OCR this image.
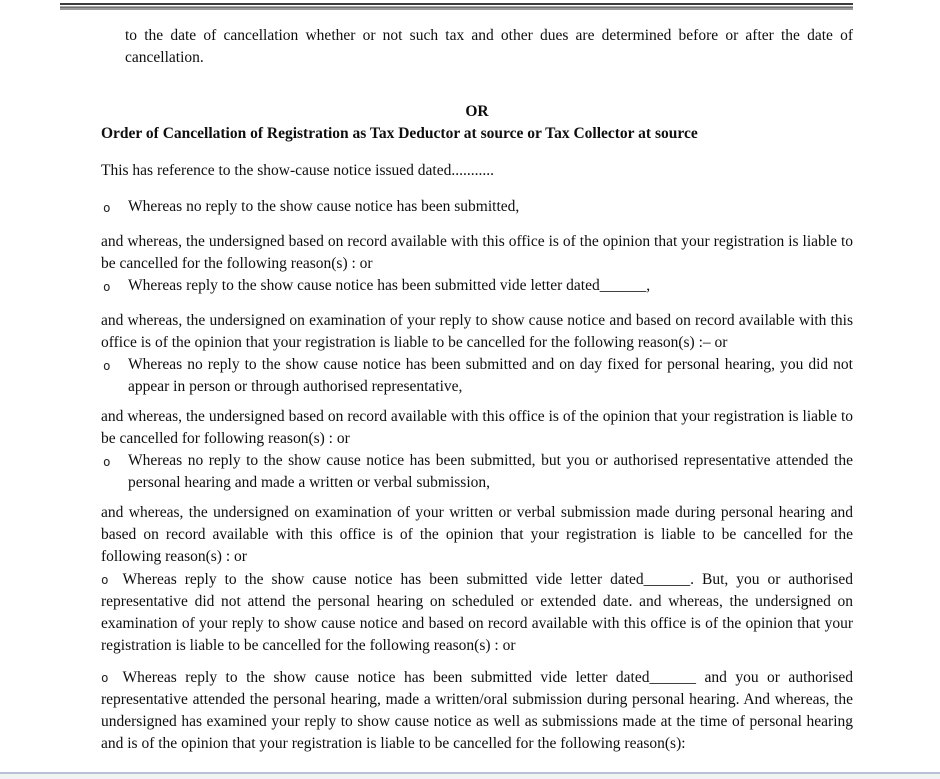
to the date of cancellation whether or not such tax and other dues are determined before or after the date of cancellation.
OR
Order of Cancellation of Registration as Tax Deductor at source or Tax Collector at source
This has reference to the show-cause notice issued dated...........
o Whereas no reply to the show cause notice has been submitted,
and whereas, the undersigned based on record available with this office is of the opinion that your registration is liable to be cancelled for the following reason(s) : or
o Whereas reply to the show cause notice has been submitted vide letter dated______,
and whereas, the undersigned on examination of your reply to show cause notice and based on record available with this office is of the opinion that your registration is liable to be cancelled for the following reason(s) :– or
o Whereas no reply to the show cause notice has been submitted and on day fixed for personal hearing, you did not appear in person or through authorised representative,
and whereas, the undersigned based on record available with this office is of the opinion that your registration is liable to be cancelled for following reason(s) : or
o Whereas no reply to the show cause notice has been submitted, but you or authorised representative attended the personal hearing and made a written or verbal submission,
and whereas, the undersigned on examination of your written or verbal submission made during personal hearing and based on record available with this office is of the opinion that your registration is liable to be cancelled for the following reason(s) : or
o Whereas reply to the show cause notice has been submitted vide letter dated______. But, you or authorised representative did not attend the personal hearing on scheduled or extended date. and whereas, the undersigned on examination of your reply to show cause notice and based on record available with this office is of the opinion that your registration is liable to be cancelled for the following reason(s) : or
o Whereas reply to the show cause notice has been submitted vide letter dated______ and you or authorised representative attended the personal hearing, made a written/oral submission during personal hearing. And whereas, the undersigned has examined your reply to show cause notice as well as submissions made at the time of personal hearing and is of the opinion that your registration is liable to be cancelled for the following reason(s):
